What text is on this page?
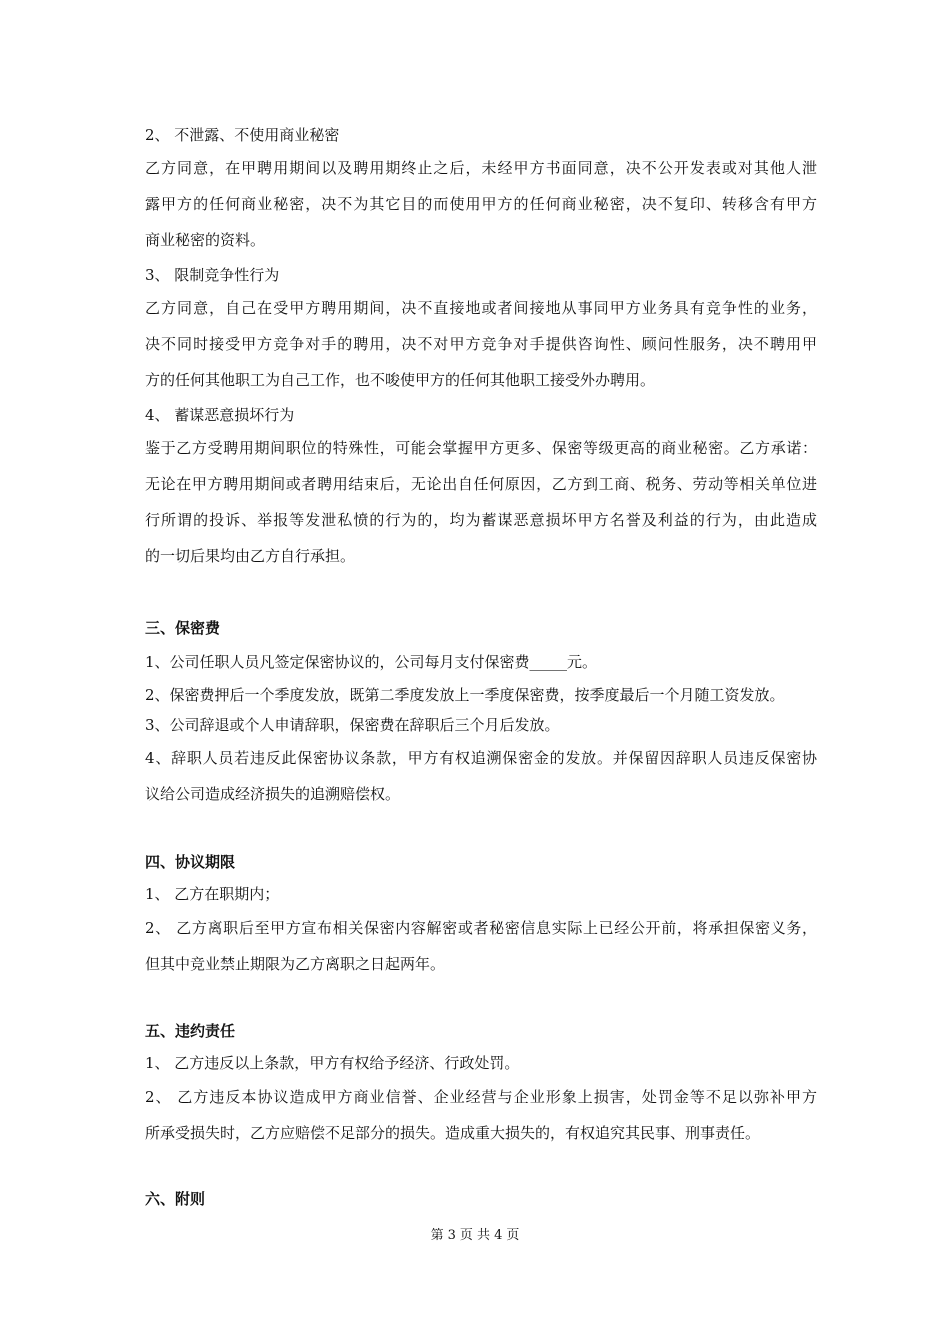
2、 不泄露、不使用商业秘密
乙方同意，在甲聘用期间以及聘用期终止之后，未经甲方书面同意，决不公开发表或对其他人泄
露甲方的任何商业秘密，决不为其它目的而使用甲方的任何商业秘密，决不复印、转移含有甲方
商业秘密的资料。
3、 限制竞争性行为
乙方同意，自己在受甲方聘用期间，决不直接地或者间接地从事同甲方业务具有竞争性的业务，
决不同时接受甲方竞争对手的聘用，决不对甲方竞争对手提供咨询性、顾问性服务，决不聘用甲
方的任何其他职工为自己工作，也不唆使甲方的任何其他职工接受外办聘用。
4、 蓄谋恶意损坏行为
鉴于乙方受聘用期间职位的特殊性，可能会掌握甲方更多、保密等级更高的商业秘密。乙方承诺：
无论在甲方聘用期间或者聘用结束后，无论出自任何原因，乙方到工商、税务、劳动等相关单位进
行所谓的投诉、举报等发泄私愤的行为的，均为蓄谋恶意损坏甲方名誉及利益的行为，由此造成
的一切后果均由乙方自行承担。
三、保密费
1、公司任职人员凡签定保密协议的，公司每月支付保密费_____元。
2、保密费押后一个季度发放，既第二季度发放上一季度保密费，按季度最后一个月随工资发放。
3、公司辞退或个人申请辞职，保密费在辞职后三个月后发放。
4、辞职人员若违反此保密协议条款，甲方有权追溯保密金的发放。并保留因辞职人员违反保密协
议给公司造成经济损失的追溯赔偿权。
四、协议期限
1、 乙方在职期内；
2、 乙方离职后至甲方宣布相关保密内容解密或者秘密信息实际上已经公开前，将承担保密义务，
但其中竞业禁止期限为乙方离职之日起两年。
五、违约责任
1、 乙方违反以上条款，甲方有权给予经济、行政处罚。
2、 乙方违反本协议造成甲方商业信誉、企业经营与企业形象上损害，处罚金等不足以弥补甲方
所承受损失时，乙方应赔偿不足部分的损失。造成重大损失的，有权追究其民事、刑事责任。
六、附则
第 3 页 共 4 页
